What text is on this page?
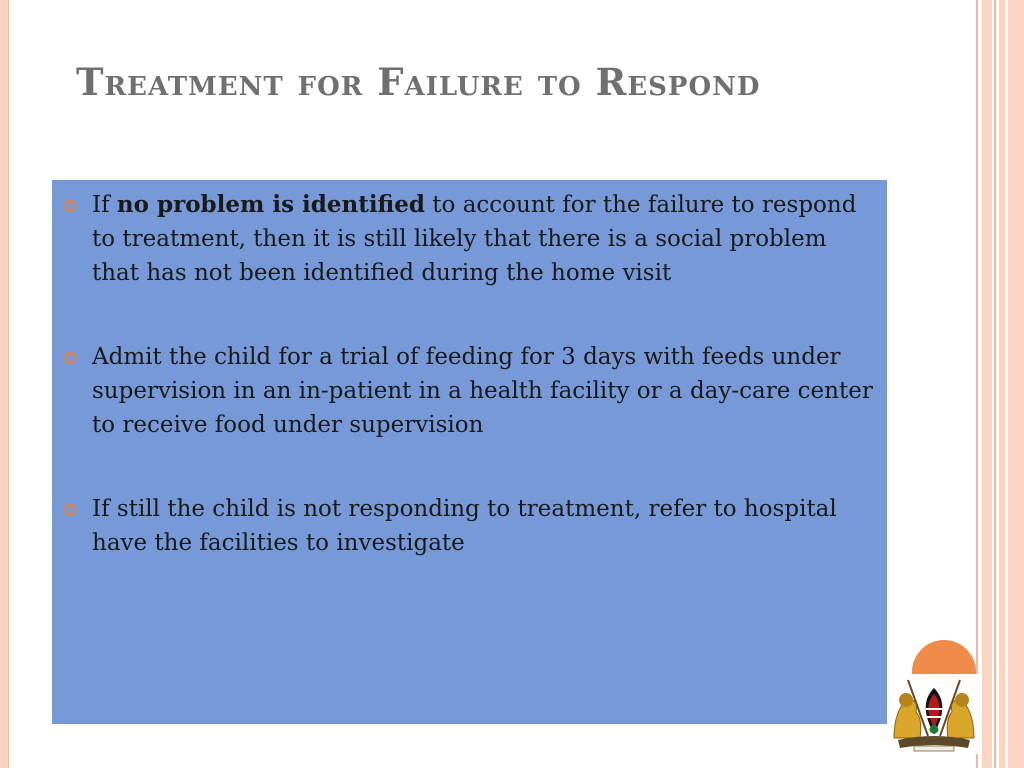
Treatment for Failure to Respond
If no problem is identified to account for the failure to respond to treatment, then it is still likely that there is a social problem that has not been identified during the home visit
Admit the child for a trial of feeding for 3 days with feeds under supervision in an in-patient in a health facility or a day-care center to receive food under supervision
If still the child is not responding to treatment, refer to hospital have the facilities to investigate
